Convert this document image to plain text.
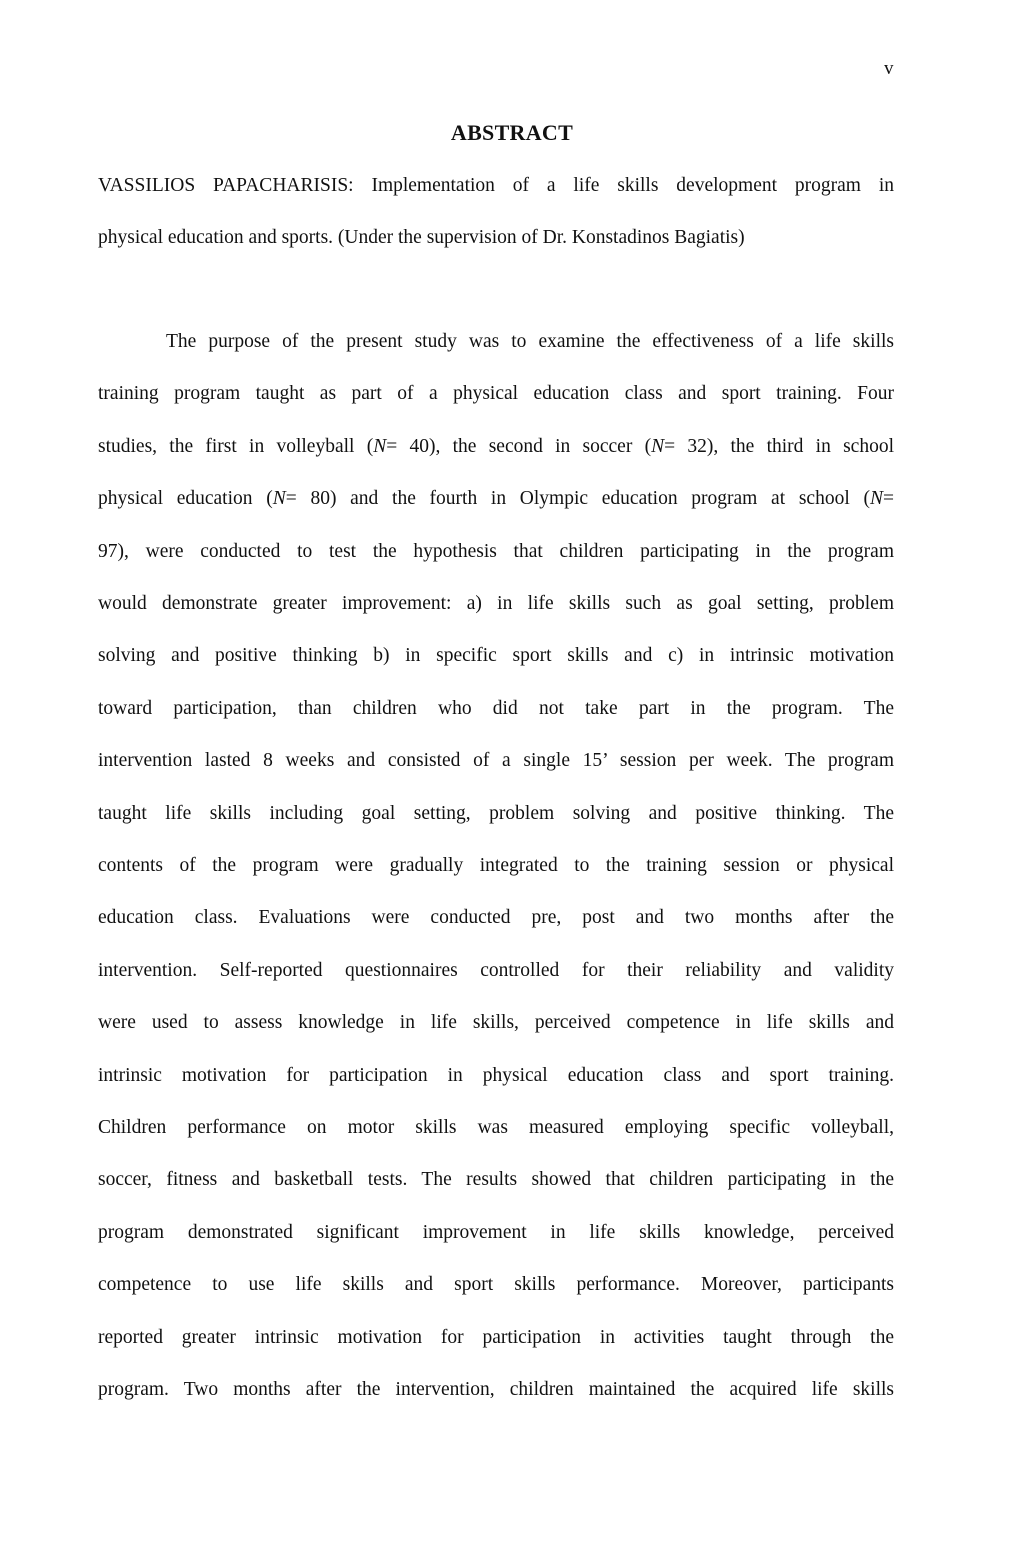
v
ABSTRACT
VASSILIOS PAPACHARISIS: Implementation of a life skills development program in
physical education and sports. (Under the supervision of Dr. Konstadinos Bagiatis)
The purpose of the present study was to examine the effectiveness of a life skills
training program taught as part of a physical education class and sport training. Four
studies, the first in volleyball (N= 40), the second in soccer (N= 32), the third in school
physical education (N= 80) and the fourth in Olympic education program at school (N=
97), were conducted to test the hypothesis that children participating in the program
would demonstrate greater improvement: a) in life skills such as goal setting, problem
solving and positive thinking b) in specific sport skills and c) in intrinsic motivation
toward participation, than children who did not take part in the program. The
intervention lasted 8 weeks and consisted of a single 15’ session per week. The program
taught life skills including goal setting, problem solving and positive thinking. The
contents of the program were gradually integrated to the training session or physical
education class. Evaluations were conducted pre, post and two months after the
intervention. Self-reported questionnaires controlled for their reliability and validity
were used to assess knowledge in life skills, perceived competence in life skills and
intrinsic motivation for participation in physical education class and sport training.
Children performance on motor skills was measured employing specific volleyball,
soccer, fitness and basketball tests. The results showed that children participating in the
program demonstrated significant improvement in life skills knowledge, perceived
competence to use life skills and sport skills performance. Moreover, participants
reported greater intrinsic motivation for participation in activities taught through the
program. Two months after the intervention, children maintained the acquired life skills
